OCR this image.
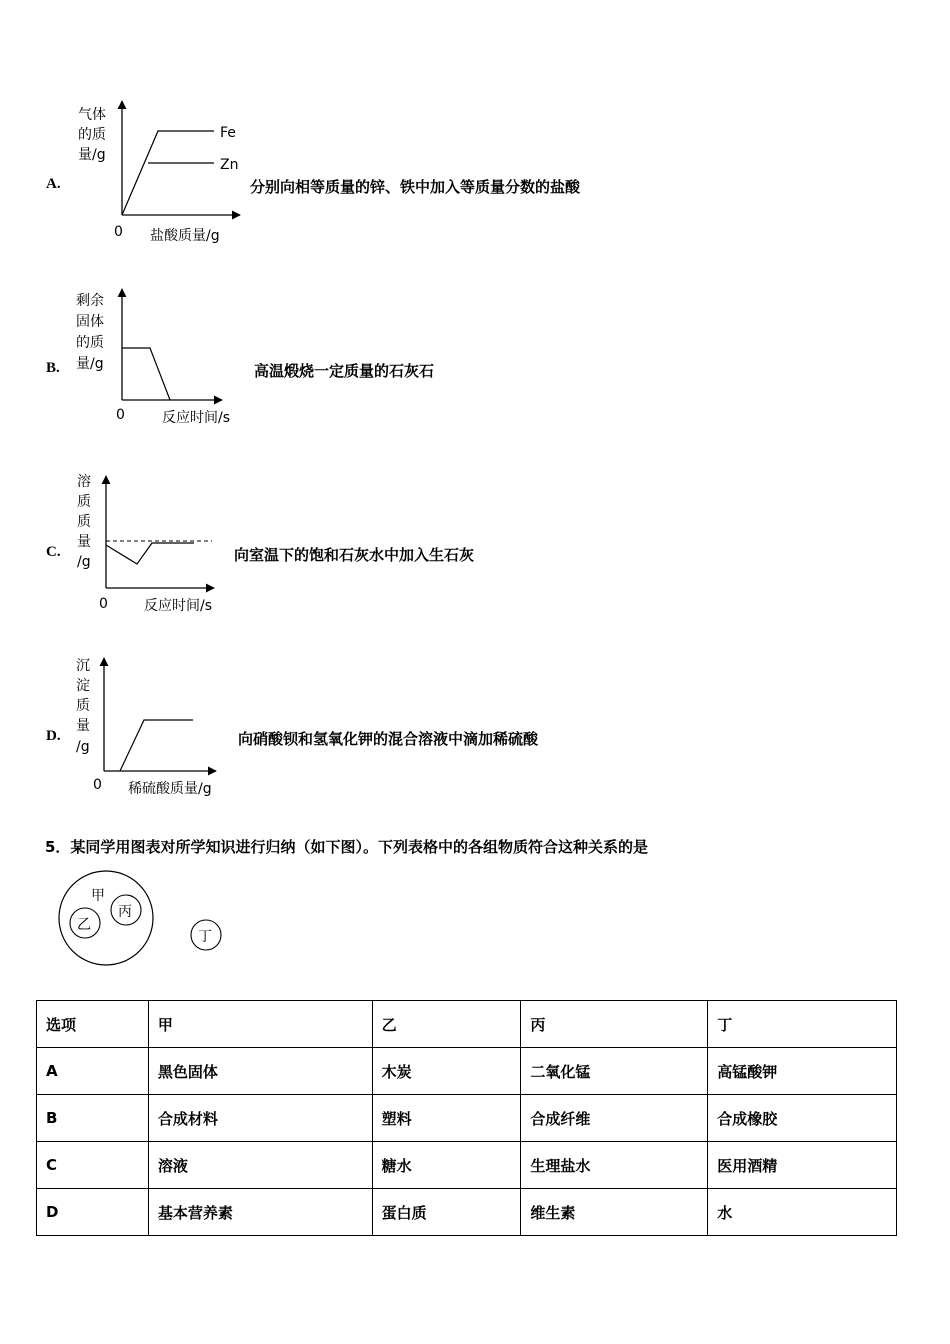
A.
气体
的质
量/g
Fe
Zn
0 盐酸质量/g
分别向相等质量的锌、铁中加入等质量分数的盐酸
B.
剩余
固体
的质
量/g
0	反应时间/s
高温煅烧一定质量的石灰石
C.
溶
质
质
量
/g
0	反应时间/s
向室温下的饱和石灰水中加入生石灰
D.
沉
淀
质
量
/g
0 稀硫酸质量/g
向硝酸钡和氢氧化钾的混合溶液中滴加稀硫酸
5．某同学用图表对所学知识进行归纳（如下图）。下列表格中的各组物质符合这种关系的是
甲
乙
丙
丁
选项	甲	乙	丙	丁
A	黑色固体	木炭	二氧化锰	高锰酸钾
B	合成材料	塑料	合成纤维	合成橡胶
C	溶液	糖水	生理盐水	医用酒精
D	基本营养素	蛋白质	维生素	水
